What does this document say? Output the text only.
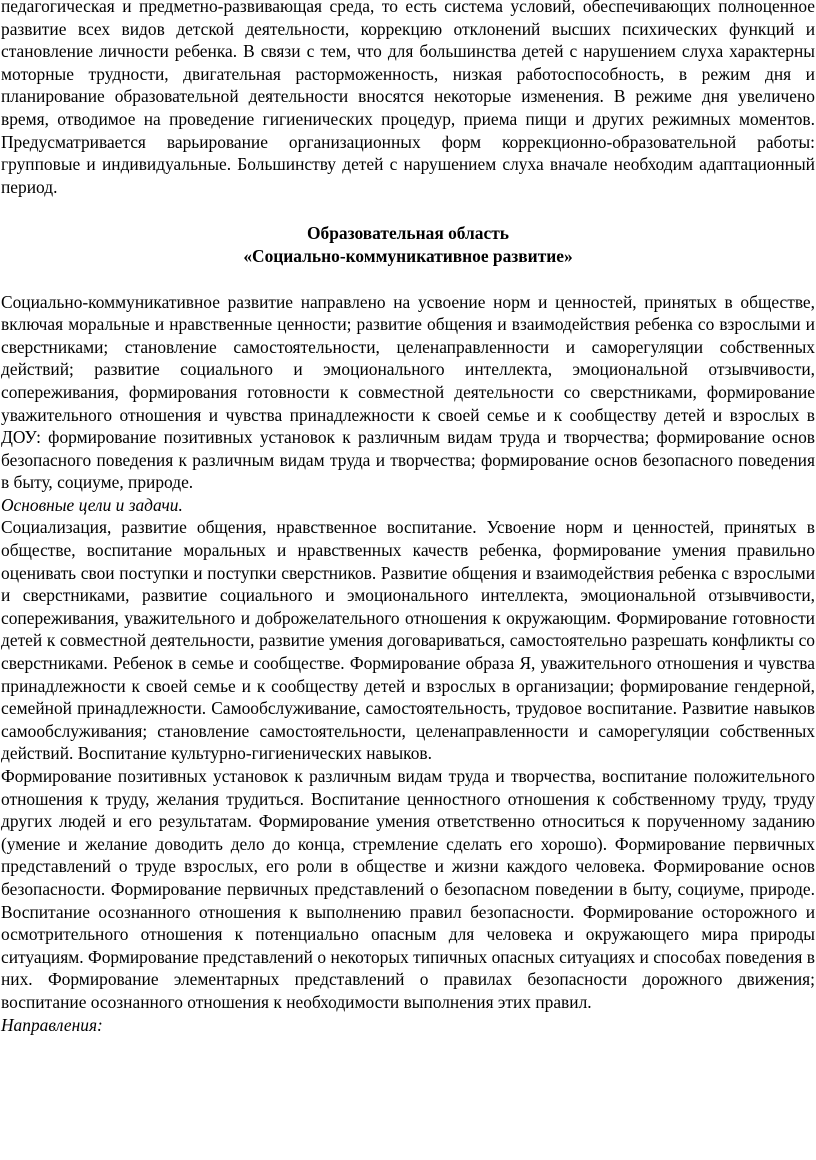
педагогическая и предметно-развивающая среда, то есть система условий, обеспечивающих полноценное развитие всех видов детской деятельности, коррекцию отклонений высших психических функций и становление личности ребенка. В связи с тем, что для большинства детей с нарушением слуха характерны моторные трудности, двигательная расторможенность, низкая работоспособность, в режим дня и планирование образовательной деятельности вносятся некоторые изменения. В режиме дня увеличено время, отводимое на проведение гигиенических процедур, приема пищи и других режимных моментов. Предусматривается варьирование организационных форм коррекционно-образовательной работы: групповые и индивидуальные. Большинству детей с нарушением слуха вначале необходим адаптационный период.

Образовательная область

«Социально-коммуникативное развитие»

Социально-коммуникативное развитие направлено на усвоение норм и ценностей, принятых в обществе, включая моральные и нравственные ценности; развитие общения и взаимодействия ребенка со взрослыми и сверстниками; становление самостоятельности, целенаправленности и саморегуляции собственных действий; развитие социального и эмоционального интеллекта, эмоциональной отзывчивости, сопереживания, формирования готовности к совместной деятельности со сверстниками, формирование уважительного отношения и чувства принадлежности к своей семье и к сообществу детей и взрослых в ДОУ: формирование позитивных установок к различным видам труда и творчества; формирование основ безопасного поведения к различным видам труда и творчества; формирование основ безопасного поведения в быту, социуме, природе.

Основные цели и задачи.

Социализация, развитие общения, нравственное воспитание. Усвоение норм и ценностей, принятых в обществе, воспитание моральных и нравственных качеств ребенка, формирование умения правильно оценивать свои поступки и поступки сверстников. Развитие общения и взаимодействия ребенка с взрослыми и сверстниками, развитие социального и эмоционального интеллекта, эмоциональной отзывчивости, сопереживания, уважительного и доброжелательного отношения к окружающим. Формирование готовности детей к совместной деятельности, развитие умения договариваться, самостоятельно разрешать конфликты со сверстниками. Ребенок в семье и сообществе. Формирование образа Я, уважительного отношения и чувства принадлежности к своей семье и к сообществу детей и взрослых в организации; формирование гендерной, семейной принадлежности. Самообслуживание, самостоятельность, трудовое воспитание. Развитие навыков самообслуживания; становление самостоятельности, целенаправленности и саморегуляции собственных действий. Воспитание культурно-гигиенических навыков.

Формирование позитивных установок к различным видам труда и творчества, воспитание положительного отношения к труду, желания трудиться. Воспитание ценностного отношения к собственному труду, труду других людей и его результатам. Формирование умения ответственно относиться к порученному заданию (умение и желание доводить дело до конца, стремление сделать его хорошо). Формирование первичных представлений о труде взрослых, его роли в обществе и жизни каждого человека. Формирование основ безопасности. Формирование первичных представлений о безопасном поведении в быту, социуме, природе. Воспитание осознанного отношения к выполнению правил безопасности. Формирование осторожного и осмотрительного отношения к потенциально опасным для человека и окружающего мира природы ситуациям. Формирование представлений о некоторых типичных опасных ситуациях и способах поведения в них. Формирование элементарных представлений о правилах безопасности дорожного движения; воспитание осознанного отношения к необходимости выполнения этих правил.

Направления:
